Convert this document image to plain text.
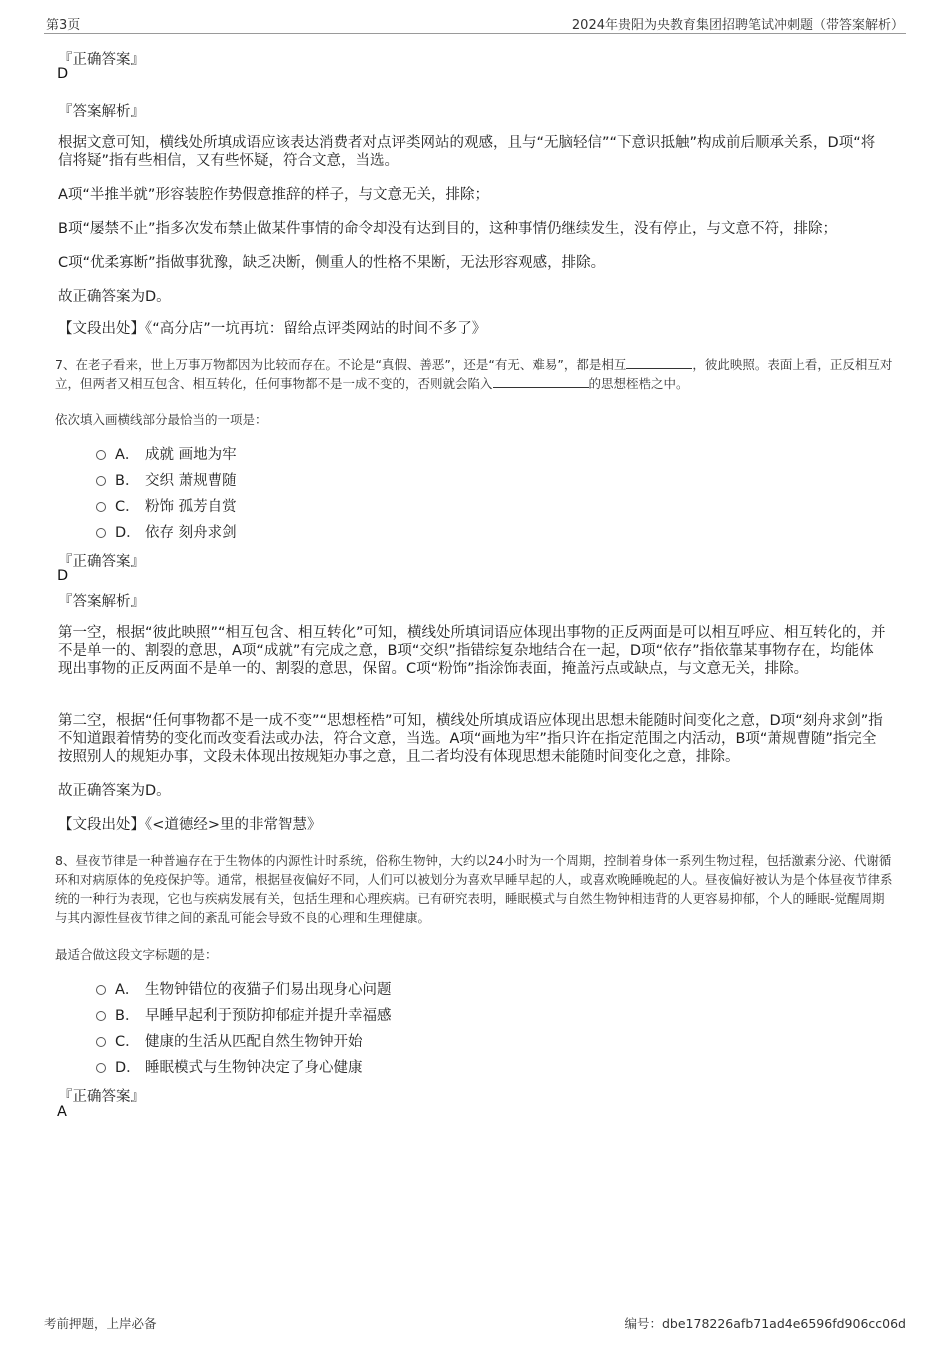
第3页	2024年贵阳为央教育集团招聘笔试冲刺题（带答案解析）
『正确答案』
D
『答案解析』
根据文意可知，横线处所填成语应该表达消费者对点评类网站的观感，且与“无脑轻信”“下意识抵触”构成前后顺承关系，D项“将信将疑”指有些相信，又有些怀疑，符合文意，当选。
A项“半推半就”形容装腔作势假意推辞的样子，与文意无关，排除；
B项“屡禁不止”指多次发布禁止做某件事情的命令却没有达到目的，这种事情仍继续发生，没有停止，与文意不符，排除；
C项“优柔寡断”指做事犹豫，缺乏决断，侧重人的性格不果断，无法形容观感，排除。
故正确答案为D。
【文段出处】《“高分店”一坑再坑：留给点评类网站的时间不多了》
7、在老子看来，世上万事万物都因为比较而存在。不论是“真假、善恶”，还是“有无、难易”，都是相互	，彼此映照。表面上看，正反相互对立，但两者又相互包含、相互转化，任何事物都不是一成不变的，否则就会陷入	的思想桎梏之中。
依次填入画横线部分最恰当的一项是：
A． 成就 画地为牢
B． 交织 萧规曹随
C． 粉饰 孤芳自赏
D． 依存 刻舟求剑
『正确答案』
D
『答案解析』
第一空，根据“彼此映照”“相互包含、相互转化”可知，横线处所填词语应体现出事物的正反两面是可以相互呼应、相互转化的，并不是单一的、割裂的意思，A项“成就”有完成之意，B项“交织”指错综复杂地结合在一起，D项“依存”指依靠某事物存在，均能体现出事物的正反两面不是单一的、割裂的意思，保留。C项“粉饰”指涂饰表面，掩盖污点或缺点，与文意无关，排除。
第二空，根据“任何事物都不是一成不变”“思想桎梏”可知，横线处所填成语应体现出思想未能随时间变化之意，D项“刻舟求剑”指不知道跟着情势的变化而改变看法或办法，符合文意，当选。A项“画地为牢”指只许在指定范围之内活动，B项“萧规曹随”指完全按照别人的规矩办事，文段未体现出按规矩办事之意，且二者均没有体现思想未能随时间变化之意，排除。
故正确答案为D。
【文段出处】《<道德经>里的非常智慧》
8、昼夜节律是一种普遍存在于生物体的内源性计时系统，俗称生物钟，大约以24小时为一个周期，控制着身体一系列生物过程，包括激素分泌、代谢循环和对病原体的免疫保护等。通常，根据昼夜偏好不同，人们可以被划分为喜欢早睡早起的人，或喜欢晚睡晚起的人。昼夜偏好被认为是个体昼夜节律系统的一种行为表现，它也与疾病发展有关，包括生理和心理疾病。已有研究表明，睡眠模式与自然生物钟相违背的人更容易抑郁，个人的睡眠-觉醒周期与其内源性昼夜节律之间的紊乱可能会导致不良的心理和生理健康。
最适合做这段文字标题的是：
A． 生物钟错位的夜猫子们易出现身心问题
B． 早睡早起利于预防抑郁症并提升幸福感
C． 健康的生活从匹配自然生物钟开始
D． 睡眠模式与生物钟决定了身心健康
『正确答案』
A
考前押题，上岸必备	编号：dbe178226afb71ad4e6596fd906cc06d
